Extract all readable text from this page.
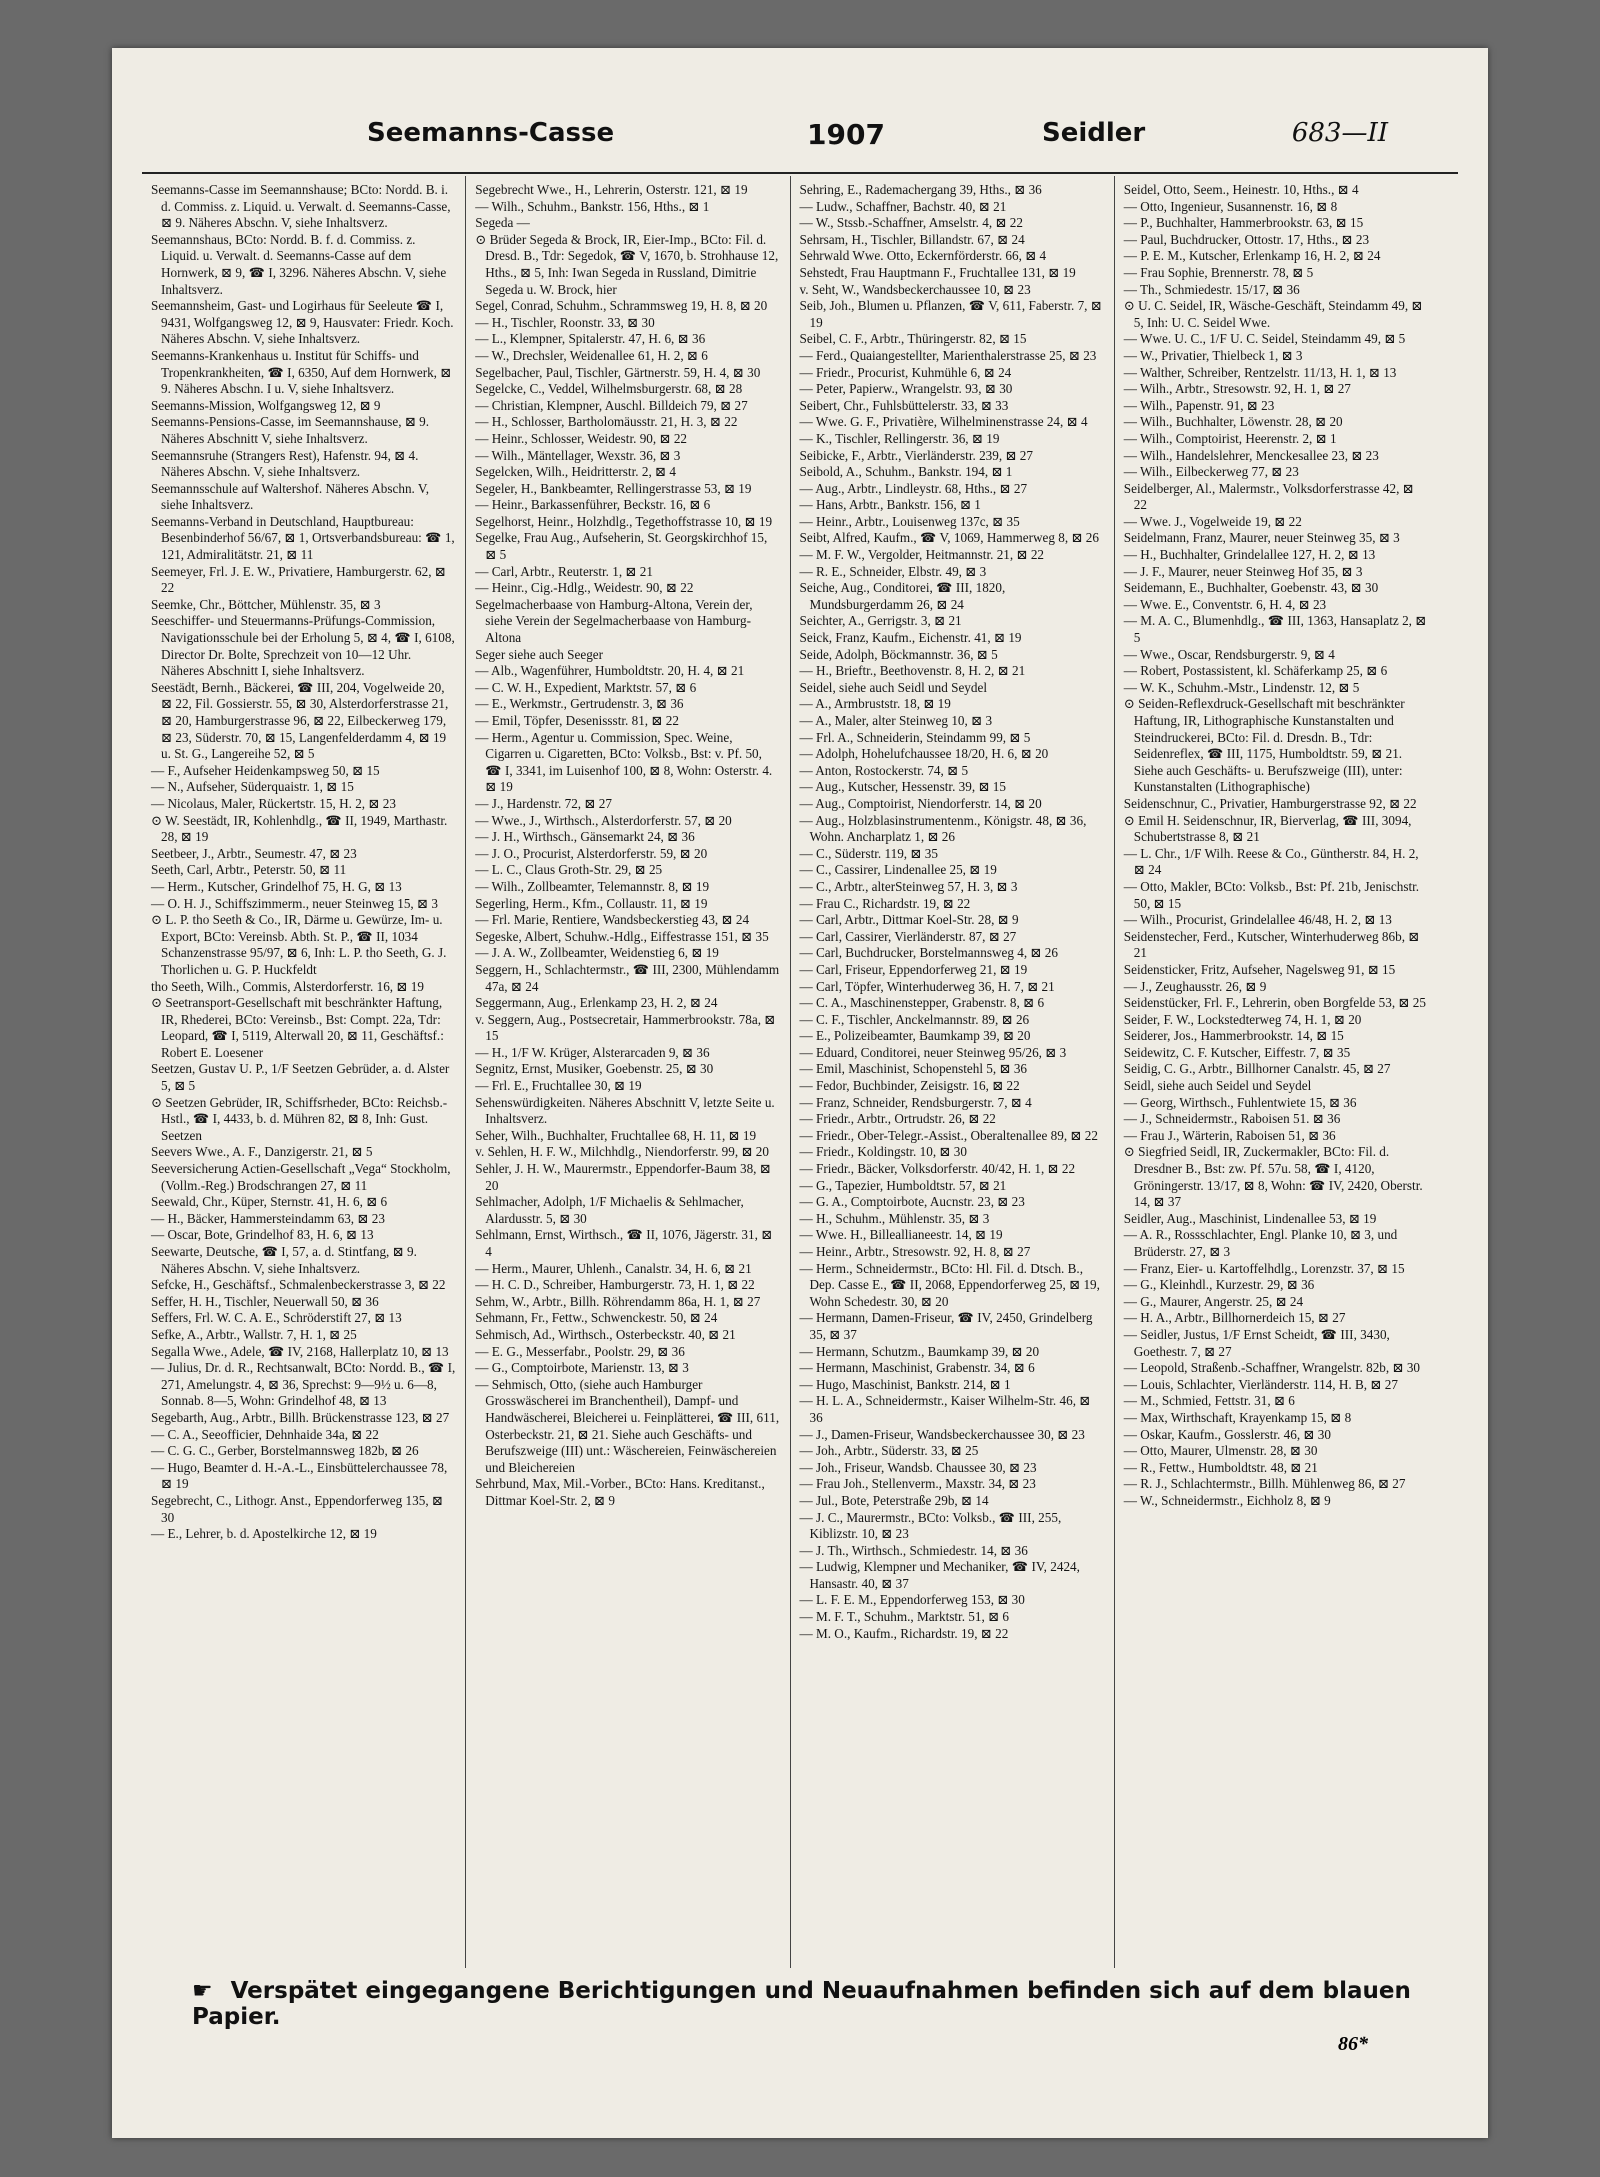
Seemanns-Casse	1907	Seidler	683—II

Seemanns-Casse im Seemannshause; BCto: Nordd. B. i. d. Commiss. z. Liquid. u. Verwalt. d. Seemanns-Casse, ⊠ 9. Näheres Abschn. V, siehe Inhaltsverz.

Seemannshaus, BCto: Nordd. B. f. d. Commiss. z. Liquid. u. Verwalt. d. Seemanns-Casse auf dem Hornwerk, ⊠ 9, ☎ I, 3296. Näheres Abschn. V, siehe Inhaltsverz.

Seemannsheim, Gast- und Logirhaus für Seeleute ☎ I, 9431, Wolfgangsweg 12, ⊠ 9, Hausvater: Friedr. Koch. Näheres Abschn. V, siehe Inhaltsverz.

Seemanns-Krankenhaus u. Institut für Schiffs- und Tropenkrankheiten, ☎ I, 6350, Auf dem Hornwerk, ⊠ 9. Näheres Abschn. I u. V, siehe Inhaltsverz.

Seemanns-Mission, Wolfgangsweg 12, ⊠ 9

Seemanns-Pensions-Casse, im Seemannshause, ⊠ 9. Näheres Abschnitt V, siehe Inhaltsverz.

Seemannsruhe (Strangers Rest), Hafenstr. 94, ⊠ 4. Näheres Abschn. V, siehe Inhaltsverz.

Seemannsschule auf Waltershof. Näheres Abschn. V, siehe Inhaltsverz.

Seemanns-Verband in Deutschland, Hauptbureau: Besenbinderhof 56/67, ⊠ 1, Ortsverbandsbureau: ☎ 1, 121, Admiralitätstr. 21, ⊠ 11

Seemeyer, Frl. J. E. W., Privatiere, Hamburgerstr. 62, ⊠ 22

Seemke, Chr., Böttcher, Mühlenstr. 35, ⊠ 3

Seeschiffer- und Steuermanns-Prüfungs-Commission, Navigationsschule bei der Erholung 5, ⊠ 4, ☎ I, 6108, Director Dr. Bolte, Sprechzeit von 10—12 Uhr. Näheres Abschnitt I, siehe Inhaltsverz.

Seestädt, Bernh., Bäckerei, ☎ III, 204, Vogelweide 20, ⊠ 22, Fil. Gossierstr. 55, ⊠ 30, Alsterdorferstrasse 21, ⊠ 20, Hamburgerstrasse 96, ⊠ 22, Eilbeckerweg 179, ⊠ 23, Süderstr. 70, ⊠ 15, Langenfelderdamm 4, ⊠ 19 u. St. G., Langereihe 52, ⊠ 5

— F., Aufseher Heidenkampsweg 50, ⊠ 15

— N., Aufseher, Süderquaistr. 1, ⊠ 15

— Nicolaus, Maler, Rückertstr. 15, H. 2, ⊠ 23

⊙ W. Seestädt, IR, Kohlenhdlg., ☎ II, 1949, Marthastr. 28, ⊠ 19

Seetbeer, J., Arbtr., Seumestr. 47, ⊠ 23

Seeth, Carl, Arbtr., Peterstr. 50, ⊠ 11

— Herm., Kutscher, Grindelhof 75, H. G, ⊠ 13

— O. H. J., Schiffszimmerm., neuer Steinweg 15, ⊠ 3

⊙ L. P. tho Seeth & Co., IR, Därme u. Gewürze, Im- u. Export, BCto: Vereinsb. Abth. St. P., ☎ II, 1034 Schanzenstrasse 95/97, ⊠ 6, Inh: L. P. tho Seeth, G. J. Thorlichen u. G. P. Huckfeldt

tho Seeth, Wilh., Commis, Alsterdorferstr. 16, ⊠ 19

⊙ Seetransport-Gesellschaft mit beschränkter Haftung, IR, Rhederei, BCto: Vereinsb., Bst: Compt. 22a, Tdr: Leopard, ☎ I, 5119, Alterwall 20, ⊠ 11, Geschäftsf.: Robert E. Loesener

Seetzen, Gustav U. P., 1/F Seetzen Gebrüder, a. d. Alster 5, ⊠ 5

⊙ Seetzen Gebrüder, IR, Schiffsrheder, BCto: Reichsb.-Hstl., ☎ I, 4433, b. d. Mühren 82, ⊠ 8, Inh: Gust. Seetzen

Seevers Wwe., A. F., Danzigerstr. 21, ⊠ 5

Seeversicherung Actien-Gesellschaft „Vega“ Stockholm, (Vollm.-Reg.) Brodschrangen 27, ⊠ 11

Seewald, Chr., Küper, Sternstr. 41, H. 6, ⊠ 6

— H., Bäcker, Hammersteindamm 63, ⊠ 23

— Oscar, Bote, Grindelhof 83, H. 6, ⊠ 13

Seewarte, Deutsche, ☎ I, 57, a. d. Stintfang, ⊠ 9. Näheres Abschn. V, siehe Inhaltsverz.

Sefcke, H., Geschäftsf., Schmalenbeckerstrasse 3, ⊠ 22

Seffer, H. H., Tischler, Neuerwall 50, ⊠ 36

Seffers, Frl. W. C. A. E., Schröderstift 27, ⊠ 13

Sefke, A., Arbtr., Wallstr. 7, H. 1, ⊠ 25

Segalla Wwe., Adele, ☎ IV, 2168, Hallerplatz 10, ⊠ 13

— Julius, Dr. d. R., Rechtsanwalt, BCto: Nordd. B., ☎ I, 271, Amelungstr. 4, ⊠ 36, Sprechst: 9—9½ u. 6—8, Sonnab. 8—5, Wohn: Grindelhof 48, ⊠ 13

Segebarth, Aug., Arbtr., Billh. Brückenstrasse 123, ⊠ 27

— C. A., Seeofficier, Dehnhaide 34a, ⊠ 22

— C. G. C., Gerber, Borstelmannsweg 182b, ⊠ 26

— Hugo, Beamter d. H.-A.-L., Einsbüttelerchaussee 78, ⊠ 19

Segebrecht, C., Lithogr. Anst., Eppendorferweg 135, ⊠ 30

— E., Lehrer, b. d. Apostelkirche 12, ⊠ 19

Segebrecht Wwe., H., Lehrerin, Osterstr. 121, ⊠ 19

— Wilh., Schuhm., Bankstr. 156, Hths., ⊠ 1

Segeda —

⊙ Brüder Segeda & Brock, IR, Eier-Imp., BCto: Fil. d. Dresd. B., Tdr: Segedok, ☎ V, 1670, b. Strohhause 12, Hths., ⊠ 5, Inh: Iwan Segeda in Russland, Dimitrie Segeda u. W. Brock, hier

Segel, Conrad, Schuhm., Schrammsweg 19, H. 8, ⊠ 20

— H., Tischler, Roonstr. 33, ⊠ 30

— L., Klempner, Spitalerstr. 47, H. 6, ⊠ 36

— W., Drechsler, Weidenallee 61, H. 2, ⊠ 6

Segelbacher, Paul, Tischler, Gärtnerstr. 59, H. 4, ⊠ 30

Segelcke, C., Veddel, Wilhelmsburgerstr. 68, ⊠ 28

— Christian, Klempner, Auschl. Billdeich 79, ⊠ 27

— H., Schlosser, Bartholomäusstr. 21, H. 3, ⊠ 22

— Heinr., Schlosser, Weidestr. 90, ⊠ 22

— Wilh., Mäntellager, Wexstr. 36, ⊠ 3

Segelcken, Wilh., Heidritterstr. 2, ⊠ 4

Segeler, H., Bankbeamter, Rellingerstrasse 53, ⊠ 19

— Heinr., Barkassenführer, Beckstr. 16, ⊠ 6

Segelhorst, Heinr., Holzhdlg., Tegethoffstrasse 10, ⊠ 19

Segelke, Frau Aug., Aufseherin, St. Georgskirchhof 15, ⊠ 5

— Carl, Arbtr., Reuterstr. 1, ⊠ 21

— Heinr., Cig.-Hdlg., Weidestr. 90, ⊠ 22

Segelmacherbaase von Hamburg-Altona, Verein der, siehe Verein der Segelmacherbaase von Hamburg-Altona

Seger siehe auch Seeger

— Alb., Wagenführer, Humboldtstr. 20, H. 4, ⊠ 21

— C. W. H., Expedient, Marktstr. 57, ⊠ 6

— E., Werkmstr., Gertrudenstr. 3, ⊠ 36

— Emil, Töpfer, Desenissstr. 81, ⊠ 22

— Herm., Agentur u. Commission, Spec. Weine, Cigarren u. Cigaretten, BCto: Volksb., Bst: v. Pf. 50, ☎ I, 3341, im Luisenhof 100, ⊠ 8, Wohn: Osterstr. 4. ⊠ 19

— J., Hardenstr. 72, ⊠ 27

— Wwe., J., Wirthsch., Alsterdorferstr. 57, ⊠ 20

— J. H., Wirthsch., Gänsemarkt 24, ⊠ 36

— J. O., Procurist, Alsterdorferstr. 59, ⊠ 20

— L. C., Claus Groth-Str. 29, ⊠ 25

— Wilh., Zollbeamter, Telemannstr. 8, ⊠ 19

Segerling, Herm., Kfm., Collaustr. 11, ⊠ 19

— Frl. Marie, Rentiere, Wandsbeckerstieg 43, ⊠ 24

Segeske, Albert, Schuhw.-Hdlg., Eiffestrasse 151, ⊠ 35

— J. A. W., Zollbeamter, Weidenstieg 6, ⊠ 19

Seggern, H., Schlachtermstr., ☎ III, 2300, Mühlendamm 47a, ⊠ 24

Seggermann, Aug., Erlenkamp 23, H. 2, ⊠ 24

v. Seggern, Aug., Postsecretair, Hammerbrookstr. 78a, ⊠ 15

— H., 1/F W. Krüger, Alsterarcaden 9, ⊠ 36

Segnitz, Ernst, Musiker, Goebenstr. 25, ⊠ 30

— Frl. E., Fruchtallee 30, ⊠ 19

Sehenswürdigkeiten. Näheres Abschnitt V, letzte Seite u. Inhaltsverz.

Seher, Wilh., Buchhalter, Fruchtallee 68, H. 11, ⊠ 19

v. Sehlen, H. F. W., Milchhdlg., Niendorferstr. 99, ⊠ 20

Sehler, J. H. W., Maurermstr., Eppendorfer-Baum 38, ⊠ 20

Sehlmacher, Adolph, 1/F Michaelis & Sehlmacher, Alardusstr. 5, ⊠ 30

Sehlmann, Ernst, Wirthsch., ☎ II, 1076, Jägerstr. 31, ⊠ 4

— Herm., Maurer, Uhlenh., Canalstr. 34, H. 6, ⊠ 21

— H. C. D., Schreiber, Hamburgerstr. 73, H. 1, ⊠ 22

Sehm, W., Arbtr., Billh. Röhrendamm 86a, H. 1, ⊠ 27

Sehmann, Fr., Fettw., Schwenckestr. 50, ⊠ 24

Sehmisch, Ad., Wirthsch., Osterbeckstr. 40, ⊠ 21

— E. G., Messerfabr., Poolstr. 29, ⊠ 36

— G., Comptoirbote, Marienstr. 13, ⊠ 3

— Sehmisch, Otto, (siehe auch Hamburger Grosswäscherei im Branchentheil), Dampf- und Handwäscherei, Bleicherei u. Feinplätterei, ☎ III, 611, Osterbeckstr. 21, ⊠ 21. Siehe auch Geschäfts- und Berufszweige (III) unt.: Wäschereien, Feinwäschereien und Bleichereien

Sehrbund, Max, Mil.-Vorber., BCto: Hans. Kreditanst., Dittmar Koel-Str. 2, ⊠ 9

Sehring, E., Rademachergang 39, Hths., ⊠ 36

— Ludw., Schaffner, Bachstr. 40, ⊠ 21

— W., Stssb.-Schaffner, Amselstr. 4, ⊠ 22

Sehrsam, H., Tischler, Billandstr. 67, ⊠ 24

Sehrwald Wwe. Otto, Eckernförderstr. 66, ⊠ 4

Sehstedt, Frau Hauptmann F., Fruchtallee 131, ⊠ 19

v. Seht, W., Wandsbeckerchaussee 10, ⊠ 23

Seib, Joh., Blumen u. Pflanzen, ☎ V, 611, Faberstr. 7, ⊠ 19

Seibel, C. F., Arbtr., Thüringerstr. 82, ⊠ 15

— Ferd., Quaiangestellter, Marienthalerstrasse 25, ⊠ 23

— Friedr., Procurist, Kuhmühle 6, ⊠ 24

— Peter, Papierw., Wrangelstr. 93, ⊠ 30

Seibert, Chr., Fuhlsbüttelerstr. 33, ⊠ 33

— Wwe. G. F., Privatière, Wilhelminenstrasse 24, ⊠ 4

— K., Tischler, Rellingerstr. 36, ⊠ 19

Seibicke, F., Arbtr., Vierländerstr. 239, ⊠ 27

Seibold, A., Schuhm., Bankstr. 194, ⊠ 1

— Aug., Arbtr., Lindleystr. 68, Hths., ⊠ 27

— Hans, Arbtr., Bankstr. 156, ⊠ 1

— Heinr., Arbtr., Louisenweg 137c, ⊠ 35

Seibt, Alfred, Kaufm., ☎ V, 1069, Hammerweg 8, ⊠ 26

— M. F. W., Vergolder, Heitmannstr. 21, ⊠ 22

— R. E., Schneider, Elbstr. 49, ⊠ 3

Seiche, Aug., Conditorei, ☎ III, 1820, Mundsburgerdamm 26, ⊠ 24

Seichter, A., Gerrigstr. 3, ⊠ 21

Seick, Franz, Kaufm., Eichenstr. 41, ⊠ 19

Seide, Adolph, Böckmannstr. 36, ⊠ 5

— H., Brieftr., Beethovenstr. 8, H. 2, ⊠ 21

Seidel, siehe auch Seidl und Seydel

— A., Armbruststr. 18, ⊠ 19

— A., Maler, alter Steinweg 10, ⊠ 3

— Frl. A., Schneiderin, Steindamm 99, ⊠ 5

— Adolph, Hohelufchaussee 18/20, H. 6, ⊠ 20

— Anton, Rostockerstr. 74, ⊠ 5

— Aug., Kutscher, Hessenstr. 39, ⊠ 15

— Aug., Comptoirist, Niendorferstr. 14, ⊠ 20

— Aug., Holzblasinstrumentenm., Königstr. 48, ⊠ 36, Wohn. Ancharplatz 1, ⊠ 26

— C., Süderstr. 119, ⊠ 35

— C., Cassirer, Lindenallee 25, ⊠ 19

— C., Arbtr., alterSteinweg 57, H. 3, ⊠ 3

— Frau C., Richardstr. 19, ⊠ 22

— Carl, Arbtr., Dittmar Koel-Str. 28, ⊠ 9

— Carl, Cassirer, Vierländerstr. 87, ⊠ 27

— Carl, Buchdrucker, Borstelmannsweg 4, ⊠ 26

— Carl, Friseur, Eppendorferweg 21, ⊠ 19

— Carl, Töpfer, Winterhuderweg 36, H. 7, ⊠ 21

— C. A., Maschinenstepper, Grabenstr. 8, ⊠ 6

— C. F., Tischler, Anckelmannstr. 89, ⊠ 26

— E., Polizeibeamter, Baumkamp 39, ⊠ 20

— Eduard, Conditorei, neuer Steinweg 95/26, ⊠ 3

— Emil, Maschinist, Schopenstehl 5, ⊠ 36

— Fedor, Buchbinder, Zeisigstr. 16, ⊠ 22

— Franz, Schneider, Rendsburgerstr. 7, ⊠ 4

— Friedr., Arbtr., Ortrudstr. 26, ⊠ 22

— Friedr., Ober-Telegr.-Assist., Oberaltenallee 89, ⊠ 22

— Friedr., Koldingstr. 10, ⊠ 30

— Friedr., Bäcker, Volksdorferstr. 40/42, H. 1, ⊠ 22

— G., Tapezier, Humboldtstr. 57, ⊠ 21

— G. A., Comptoirbote, Aucnstr. 23, ⊠ 23

— H., Schuhm., Mühlenstr. 35, ⊠ 3

— Wwe. H., Billeallianeestr. 14, ⊠ 19

— Heinr., Arbtr., Stresowstr. 92, H. 8, ⊠ 27

— Herm., Schneidermstr., BCto: Hl. Fil. d. Dtsch. B., Dep. Casse E., ☎ II, 2068, Eppendorferweg 25, ⊠ 19, Wohn Schedestr. 30, ⊠ 20

— Hermann, Damen-Friseur, ☎ IV, 2450, Grindelberg 35, ⊠ 37

— Hermann, Schutzm., Baumkamp 39, ⊠ 20

— Hermann, Maschinist, Grabenstr. 34, ⊠ 6

— Hugo, Maschinist, Bankstr. 214, ⊠ 1

— H. L. A., Schneidermstr., Kaiser Wilhelm-Str. 46, ⊠ 36

— J., Damen-Friseur, Wandsbeckerchaussee 30, ⊠ 23

— Joh., Arbtr., Süderstr. 33, ⊠ 25

— Joh., Friseur, Wandsb. Chaussee 30, ⊠ 23

— Frau Joh., Stellenverm., Maxstr. 34, ⊠ 23

— Jul., Bote, Peterstraße 29b, ⊠ 14

— J. C., Maurermstr., BCto: Volksb., ☎ III, 255, Kiblizstr. 10, ⊠ 23

— J. Th., Wirthsch., Schmiedestr. 14, ⊠ 36

— Ludwig, Klempner und Mechaniker, ☎ IV, 2424, Hansastr. 40, ⊠ 37

— L. F. E. M., Eppendorferweg 153, ⊠ 30

— M. F. T., Schuhm., Marktstr. 51, ⊠ 6

— M. O., Kaufm., Richardstr. 19, ⊠ 22

Seidel, Otto, Seem., Heinestr. 10, Hths., ⊠ 4

— Otto, Ingenieur, Susannenstr. 16, ⊠ 8

— P., Buchhalter, Hammerbrookstr. 63, ⊠ 15

— Paul, Buchdrucker, Ottostr. 17, Hths., ⊠ 23

— P. E. M., Kutscher, Erlenkamp 16, H. 2, ⊠ 24

— Frau Sophie, Brennerstr. 78, ⊠ 5

— Th., Schmiedestr. 15/17, ⊠ 36

⊙ U. C. Seidel, IR, Wäsche-Geschäft, Steindamm 49, ⊠ 5, Inh: U. C. Seidel Wwe.

— Wwe. U. C., 1/F U. C. Seidel, Steindamm 49, ⊠ 5

— W., Privatier, Thielbeck 1, ⊠ 3

— Walther, Schreiber, Rentzelstr. 11/13, H. 1, ⊠ 13

— Wilh., Arbtr., Stresowstr. 92, H. 1, ⊠ 27

— Wilh., Papenstr. 91, ⊠ 23

— Wilh., Buchhalter, Löwenstr. 28, ⊠ 20

— Wilh., Comptoirist, Heerenstr. 2, ⊠ 1

— Wilh., Handelslehrer, Menckesallee 23, ⊠ 23

— Wilh., Eilbeckerweg 77, ⊠ 23

Seidelberger, Al., Malermstr., Volksdorferstrasse 42, ⊠ 22

— Wwe. J., Vogelweide 19, ⊠ 22

Seidelmann, Franz, Maurer, neuer Steinweg 35, ⊠ 3

— H., Buchhalter, Grindelallee 127, H. 2, ⊠ 13

— J. F., Maurer, neuer Steinweg Hof 35, ⊠ 3

Seidemann, E., Buchhalter, Goebenstr. 43, ⊠ 30

— Wwe. E., Conventstr. 6, H. 4, ⊠ 23

— M. A. C., Blumenhdlg., ☎ III, 1363, Hansaplatz 2, ⊠ 5

— Wwe., Oscar, Rendsburgerstr. 9, ⊠ 4

— Robert, Postassistent, kl. Schäferkamp 25, ⊠ 6

— W. K., Schuhm.-Mstr., Lindenstr. 12, ⊠ 5

⊙ Seiden-Reflexdruck-Gesellschaft mit beschränkter Haftung, IR, Lithographische Kunstanstalten und Steindruckerei, BCto: Fil. d. Dresdn. B., Tdr: Seidenreflex, ☎ III, 1175, Humboldtstr. 59, ⊠ 21. Siehe auch Geschäfts- u. Berufszweige (III), unter: Kunstanstalten (Lithographische)

Seidenschnur, C., Privatier, Hamburgerstrasse 92, ⊠ 22

⊙ Emil H. Seidenschnur, IR, Bierverlag, ☎ III, 3094, Schubertstrasse 8, ⊠ 21

— L. Chr., 1/F Wilh. Reese & Co., Güntherstr. 84, H. 2, ⊠ 24

— Otto, Makler, BCto: Volksb., Bst: Pf. 21b, Jenischstr. 50, ⊠ 15

— Wilh., Procurist, Grindelallee 46/48, H. 2, ⊠ 13

Seidenstecher, Ferd., Kutscher, Winterhuderweg 86b, ⊠ 21

Seidensticker, Fritz, Aufseher, Nagelsweg 91, ⊠ 15

— J., Zeughausstr. 26, ⊠ 9

Seidenstücker, Frl. F., Lehrerin, oben Borgfelde 53, ⊠ 25

Seider, F. W., Lockstedterweg 74, H. 1, ⊠ 20

Seiderer, Jos., Hammerbrookstr. 14, ⊠ 15

Seidewitz, C. F. Kutscher, Eiffestr. 7, ⊠ 35

Seidig, C. G., Arbtr., Billhorner Canalstr. 45, ⊠ 27

Seidl, siehe auch Seidel und Seydel

— Georg, Wirthsch., Fuhlentwiete 15, ⊠ 36

— J., Schneidermstr., Raboisen 51. ⊠ 36

— Frau J., Wärterin, Raboisen 51, ⊠ 36

⊙ Siegfried Seidl, IR, Zuckermakler, BCto: Fil. d. Dresdner B., Bst: zw. Pf. 57u. 58, ☎ I, 4120, Gröningerstr. 13/17, ⊠ 8, Wohn: ☎ IV, 2420, Oberstr. 14, ⊠ 37

Seidler, Aug., Maschinist, Lindenallee 53, ⊠ 19

— A. R., Rossschlachter, Engl. Planke 10, ⊠ 3, und Brüderstr. 27, ⊠ 3

— Franz, Eier- u. Kartoffelhdlg., Lorenzstr. 37, ⊠ 15

— G., Kleinhdl., Kurzestr. 29, ⊠ 36

— G., Maurer, Angerstr. 25, ⊠ 24

— H. A., Arbtr., Billhornerdeich 15, ⊠ 27

— Seidler, Justus, 1/F Ernst Scheidt, ☎ III, 3430, Goethestr. 7, ⊠ 27

— Leopold, Straßenb.-Schaffner, Wrangelstr. 82b, ⊠ 30

— Louis, Schlachter, Vierländerstr. 114, H. B, ⊠ 27

— M., Schmied, Fettstr. 31, ⊠ 6

— Max, Wirthschaft, Krayenkamp 15, ⊠ 8

— Oskar, Kaufm., Gosslerstr. 46, ⊠ 30

— Otto, Maurer, Ulmenstr. 28, ⊠ 30

— R., Fettw., Humboldtstr. 48, ⊠ 21

— R. J., Schlachtermstr., Billh. Mühlenweg 86, ⊠ 27

— W., Schneidermstr., Eichholz 8, ⊠ 9

☛ Verspätet eingegangene Berichtigungen und Neuaufnahmen befinden sich auf dem blauen Papier.
86*
